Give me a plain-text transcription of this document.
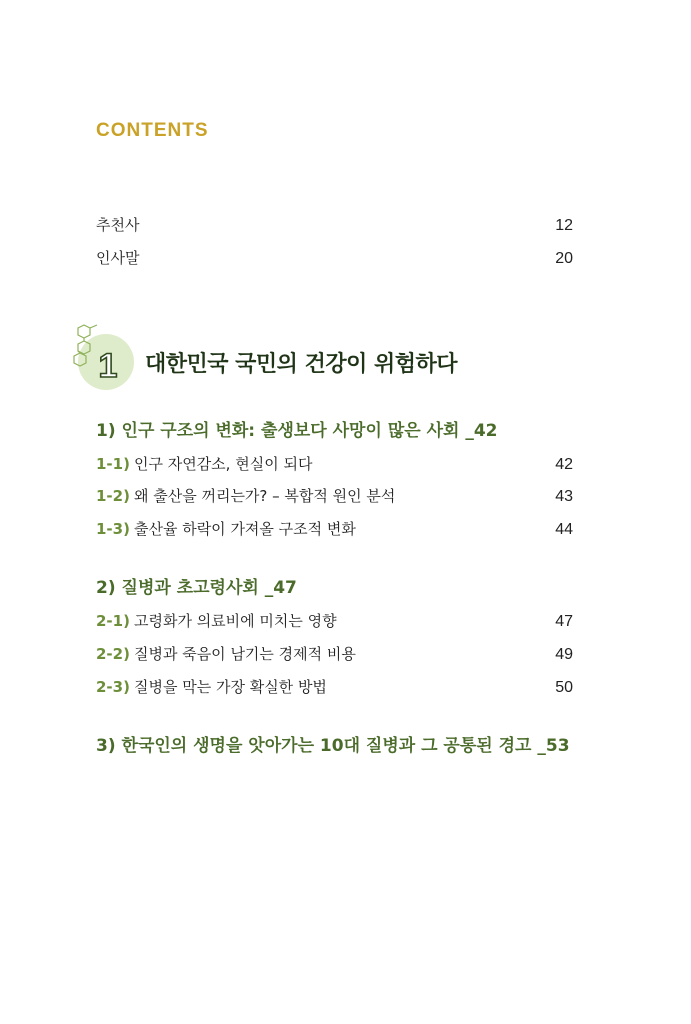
CONTENTS
추천사	12
인사말	20
1 대한민국 국민의 건강이 위험하다
1) 인구 구조의 변화: 출생보다 사망이 많은 사회 _42
1-1) 인구 자연감소, 현실이 되다	42
1-2) 왜 출산을 꺼리는가? – 복합적 원인 분석	43
1-3) 출산율 하락이 가져올 구조적 변화	44
2) 질병과 초고령사회 _47
2-1) 고령화가 의료비에 미치는 영향	47
2-2) 질병과 죽음이 남기는 경제적 비용	49
2-3) 질병을 막는 가장 확실한 방법	50
3) 한국인의 생명을 앗아가는 10대 질병과 그 공통된 경고 _53
